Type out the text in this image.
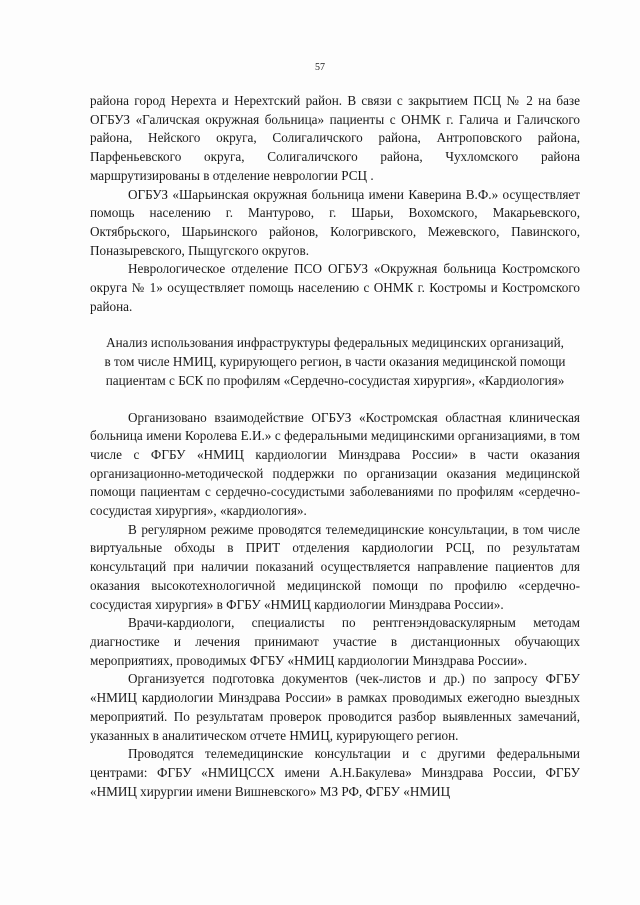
57

района город Нерехта и Нерехтский район. В связи с закрытием ПСЦ № 2 на базе ОГБУЗ «Галичская окружная больница» пациенты с ОНМК г. Галича и Галичского района, Нейского округа, Солигаличского района, Антроповского района, Парфеньевского округа, Солигаличского района, Чухломского района маршрутизированы в отделение неврологии РСЦ .

ОГБУЗ «Шарьинская окружная больница имени Каверина В.Ф.» осуществляет помощь населению г. Мантурово, г. Шарьи, Вохомского, Макарьевского, Октябрьского, Шарьинского районов, Кологривского, Межевского, Павинского, Поназыревского, Пыщугского округов.

Неврологическое отделение ПСО ОГБУЗ «Окружная больница Костромского округа № 1» осуществляет помощь населению с ОНМК г. Костромы и Костромского района.

Анализ использования инфраструктуры федеральных медицинских организаций, в том числе НМИЦ, курирующего регион, в части оказания медицинской помощи пациентам с БСК по профилям «Сердечно-сосудистая хирургия», «Кардиология»

Организовано взаимодействие ОГБУЗ «Костромская областная клиническая больница имени Королева Е.И.» с федеральными медицинскими организациями, в том числе с ФГБУ «НМИЦ кардиологии Минздрава России» в части оказания организационно-методической поддержки по организации оказания медицинской помощи пациентам с сердечно-сосудистыми заболеваниями по профилям «сердечно-сосудистая хирургия», «кардиология».

В регулярном режиме проводятся телемедицинские консультации, в том числе виртуальные обходы в ПРИТ отделения кардиологии РСЦ, по результатам консультаций при наличии показаний осуществляется направление пациентов для оказания высокотехнологичной медицинской помощи по профилю «сердечно-сосудистая хирургия» в ФГБУ «НМИЦ кардиологии Минздрава России».

Врачи-кардиологи, специалисты по рентгенэндоваскулярным методам диагностике и лечения принимают участие в дистанционных обучающих мероприятиях, проводимых ФГБУ «НМИЦ кардиологии Минздрава России».

Организуется подготовка документов (чек-листов и др.) по запросу ФГБУ «НМИЦ кардиологии Минздрава России» в рамках проводимых ежегодно выездных мероприятий. По результатам проверок проводится разбор выявленных замечаний, указанных в аналитическом отчете НМИЦ, курирующего регион.

Проводятся телемедицинские консультации и с другими федеральными центрами: ФГБУ «НМИЦССХ имени А.Н.Бакулева» Минздрава России, ФГБУ «НМИЦ хирургии имени Вишневского» МЗ РФ, ФГБУ «НМИЦ
